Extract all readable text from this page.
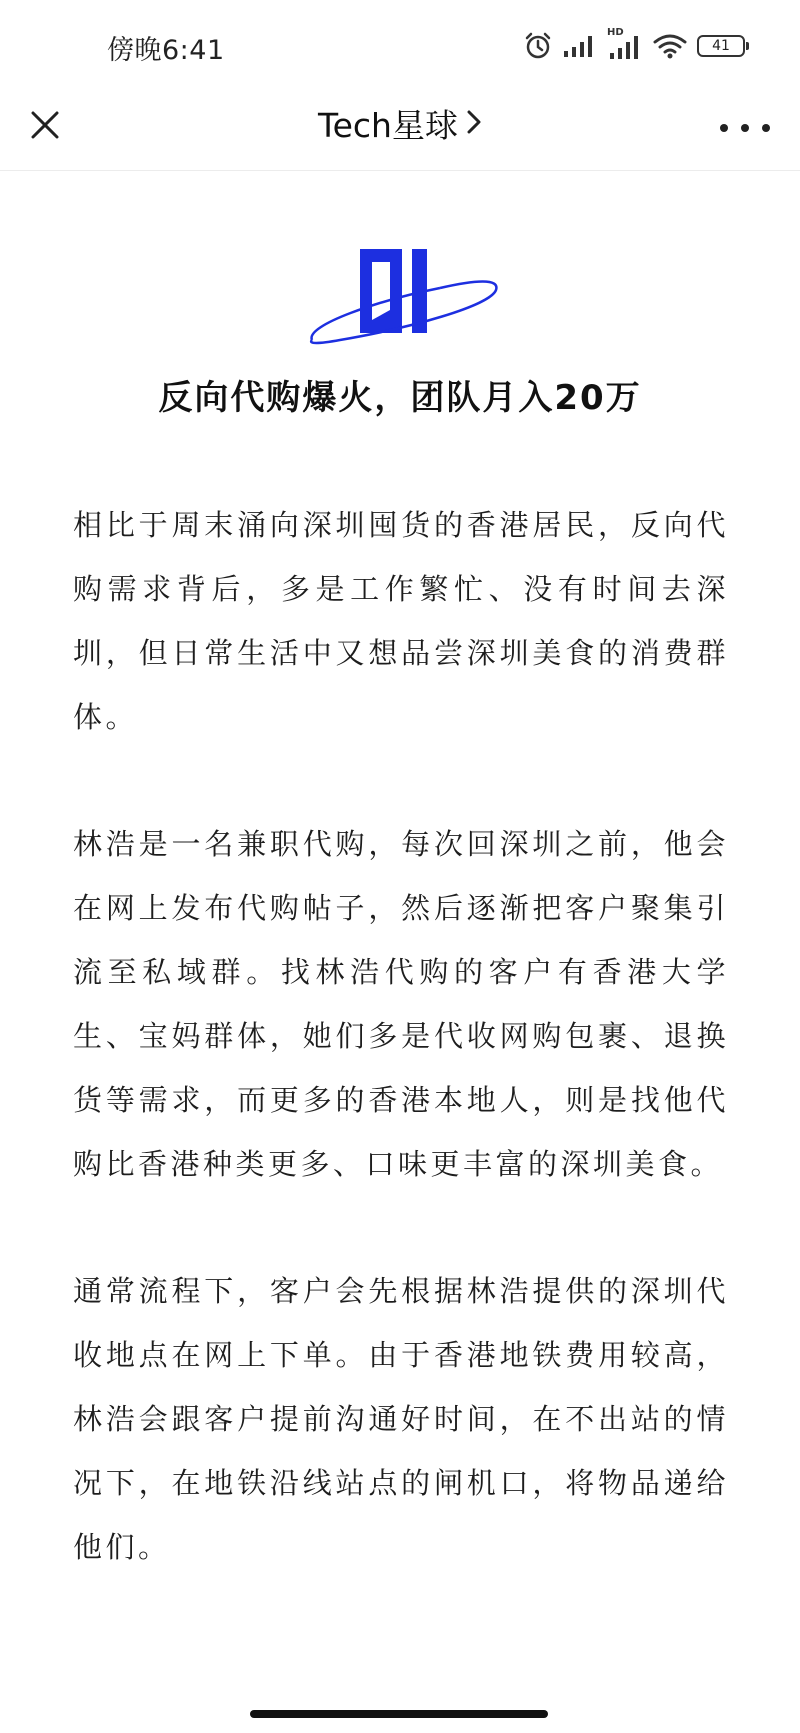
傍晚6:41
HD
41
Tech星球
反向代购爆火，团队月入20万

相比于周末涌向深圳囤货的香港居民，反向代购需求背后，多是工作繁忙、没有时间去深圳，但日常生活中又想品尝深圳美食的消费群体。

林浩是一名兼职代购，每次回深圳之前，他会在网上发布代购帖子，然后逐渐把客户聚集引流至私域群。找林浩代购的客户有香港大学生、宝妈群体，她们多是代收网购包裹、退换货等需求，而更多的香港本地人，则是找他代购比香港种类更多、口味更丰富的深圳美食。

通常流程下，客户会先根据林浩提供的深圳代收地点在网上下单。由于香港地铁费用较高，林浩会跟客户提前沟通好时间，在不出站的情况下，在地铁沿线站点的闸机口，将物品递给他们。
